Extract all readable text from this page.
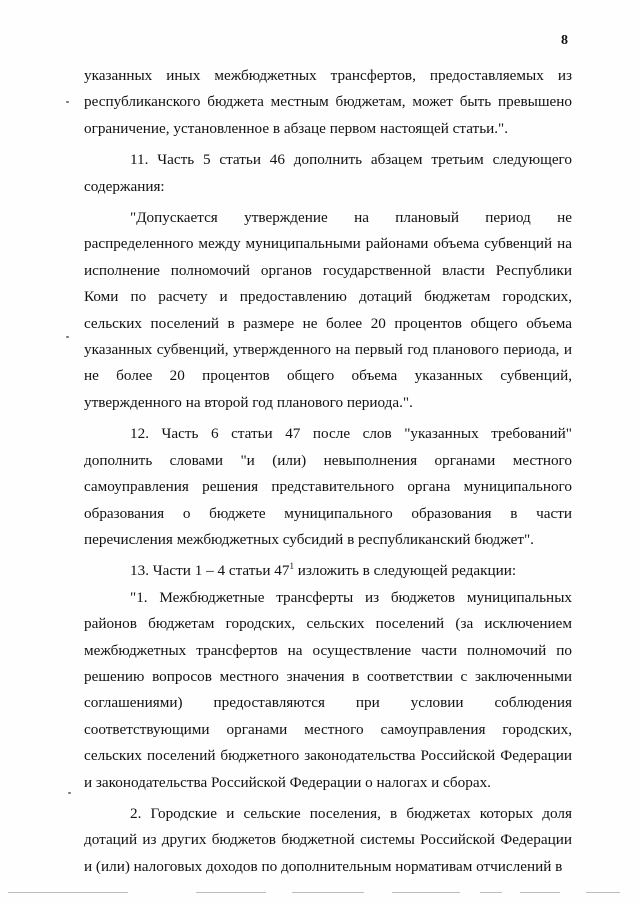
8

указанных иных межбюджетных трансфертов, предоставляемых из республиканского бюджета местным бюджетам, может быть превышено ограничение, установленное в абзаце первом настоящей статьи.".

11. Часть 5 статьи 46 дополнить абзацем третьим следующего содержания:

"Допускается утверждение на плановый период не распределенного между муниципальными районами объема субвенций на исполнение полномочий органов государственной власти Республики Коми по расчету и предоставлению дотаций бюджетам городских, сельских поселений в размере не более 20 процентов общего объема указанных субвенций, утвержденного на первый год планового периода, и не более 20 процентов общего объема указанных субвенций, утвержденного на второй год планового периода.".

12. Часть 6 статьи 47 после слов "указанных требований" дополнить словами "и (или) невыполнения органами местного самоуправления решения представительного органа муниципального образования о бюджете муниципального образования в части перечисления межбюджетных субсидий в республиканский бюджет".

13. Части 1 – 4 статьи $47^1$ изложить в следующей редакции:

"1. Межбюджетные трансферты из бюджетов муниципальных районов бюджетам городских, сельских поселений (за исключением межбюджетных трансфертов на осуществление части полномочий по решению вопросов местного значения в соответствии с заключенными соглашениями) предоставляются при условии соблюдения соответствующими органами местного самоуправления городских, сельских поселений бюджетного законодательства Российской Федерации и законодательства Российской Федерации о налогах и сборах.

2. Городские и сельские поселения, в бюджетах которых доля дотаций из других бюджетов бюджетной системы Российской Федерации и (или) налоговых доходов по дополнительным нормативам отчислений в
